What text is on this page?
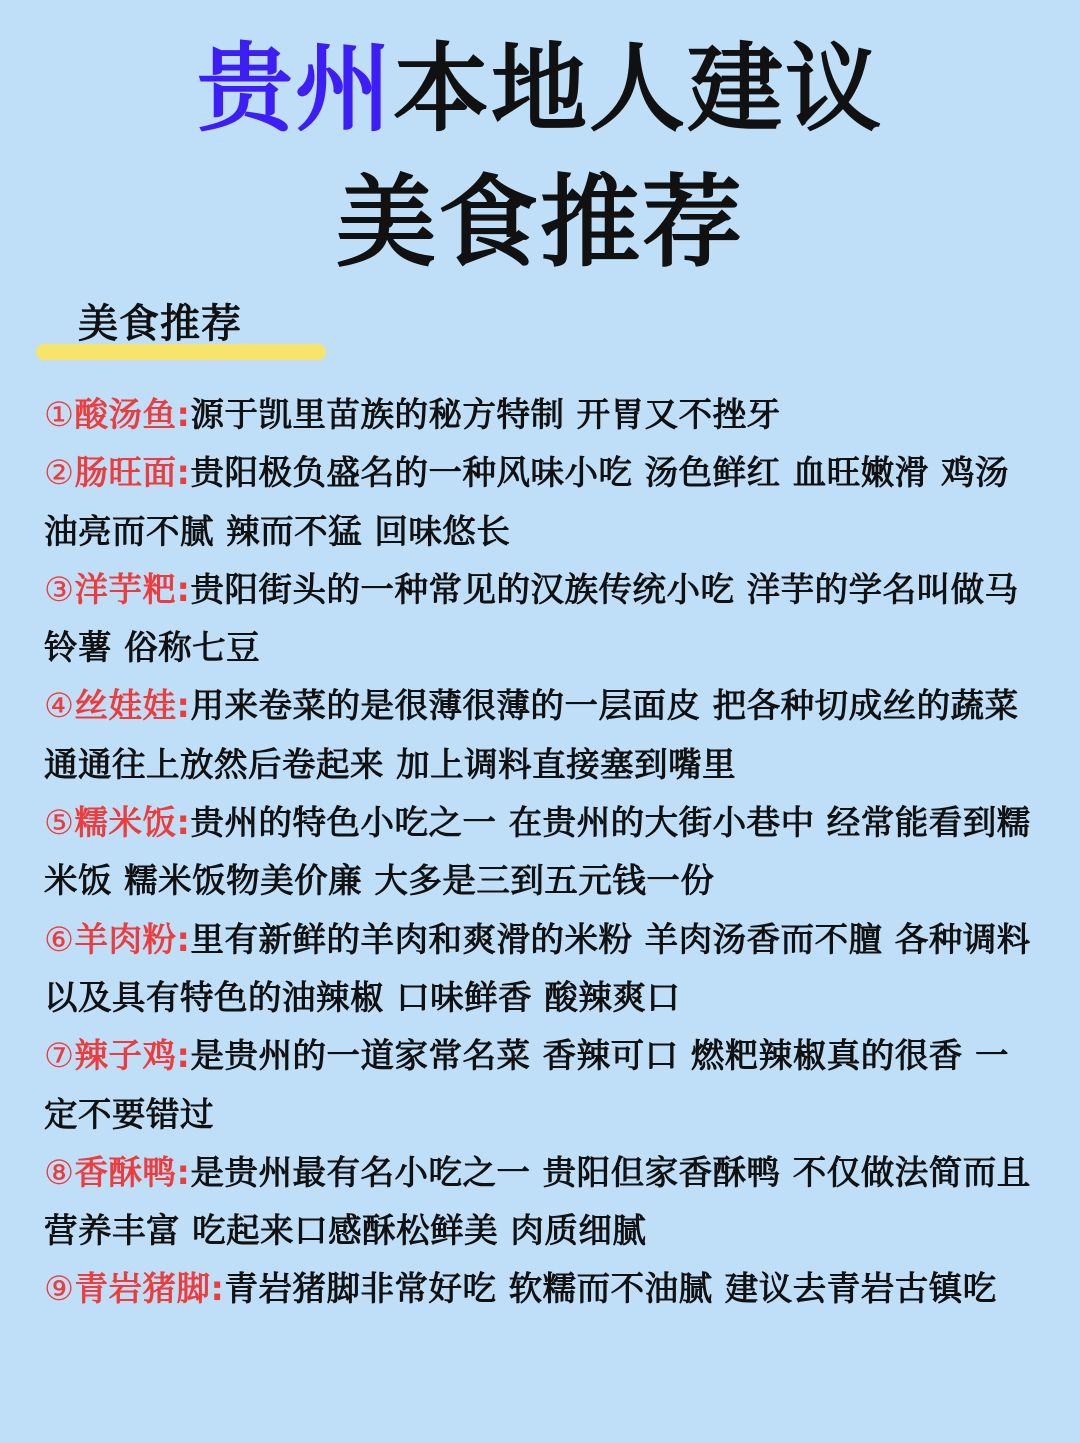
贵州本地人建议
美食推荐
美食推荐
①酸汤鱼:源于凯里苗族的秘方特制 开胃又不挫牙
②肠旺面:贵阳极负盛名的一种风味小吃 汤色鲜红 血旺嫩滑 鸡汤油亮而不腻 辣而不猛 回味悠长
③洋芋粑:贵阳街头的一种常见的汉族传统小吃 洋芋的学名叫做马铃薯 俗称七豆
④丝娃娃:用来卷菜的是很薄很薄的一层面皮 把各种切成丝的蔬菜通通往上放然后卷起来 加上调料直接塞到嘴里
⑤糯米饭:贵州的特色小吃之一 在贵州的大街小巷中 经常能看到糯米饭 糯米饭物美价廉 大多是三到五元钱一份
⑥羊肉粉:里有新鲜的羊肉和爽滑的米粉 羊肉汤香而不膻 各种调料以及具有特色的油辣椒 口味鲜香 酸辣爽口
⑦辣子鸡:是贵州的一道家常名菜 香辣可口 燃粑辣椒真的很香 一定不要错过
⑧香酥鸭:是贵州最有名小吃之一 贵阳但家香酥鸭 不仅做法简而且营养丰富 吃起来口感酥松鲜美 肉质细腻
⑨青岩猪脚:青岩猪脚非常好吃 软糯而不油腻 建议去青岩古镇吃
